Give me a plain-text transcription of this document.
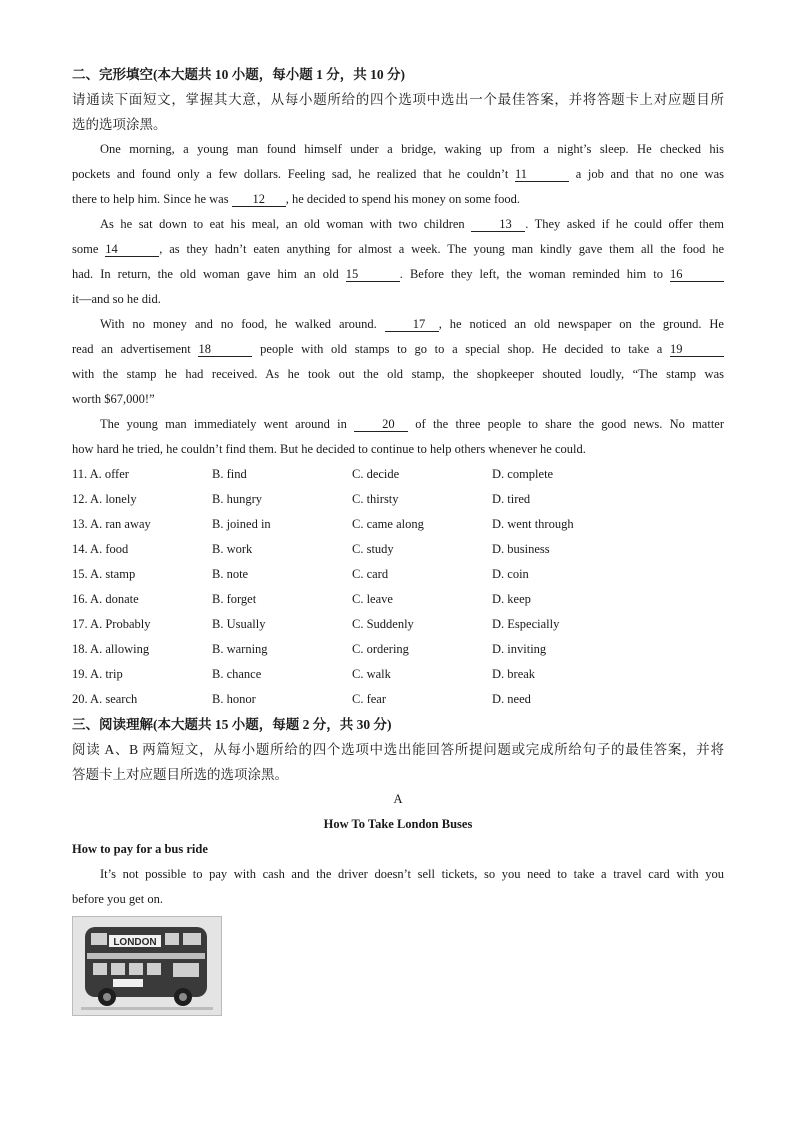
二、完形填空(本大题共 10 小题，每小题 1 分，共 10 分)

请通读下面短文，掌握其大意，从每小题所给的四个选项中选出一个最佳答案，并将答题卡上对应题目所

选的选项涂黑。

One morning, a young man found himself under a bridge, waking up from a night’s sleep. He checked his

pockets and found only a few dollars. Feeling sad, he realized that he couldn’t 11	a job and that no one was

there to help him. Since he was 12 , he decided to spend his money on some food.

As he sat down to eat his meal, an old woman with two children	13 . They asked if he could offer them

some 14	, as they hadn’t eaten anything for almost a week. The young man kindly gave them all the food he

had. In return, the old woman gave him an old 15	. Before they left, the woman reminded him to 16

it—and so he did.

With no money and no food, he walked around.	17 , he noticed an old newspaper on the ground. He

read an advertisement 18	people with old stamps to go to a special shop. He decided to take a 19

with the stamp he had received. As he took out the old stamp, the shopkeeper shouted loudly, “The stamp was

worth $67,000!”

The young man immediately went around in	20 of the three people to share the good news. No matter

how hard he tried, he couldn’t find them. But he decided to continue to help others whenever he could.

11. A. offer	B. find	C. decide	D. complete
12. A. lonely	B. hungry	C. thirsty	D. tired
13. A. ran away	B. joined in	C. came along	D. went through
14. A. food	B. work	C. study	D. business
15. A. stamp	B. note	C. card	D. coin
16. A. donate	B. forget	C. leave	D. keep
17. A. Probably	B. Usually	C. Suddenly	D. Especially
18. A. allowing	B. warning	C. ordering	D. inviting
19. A. trip	B. chance	C. walk	D. break
20. A. search	B. honor	C. fear	D. need

三、阅读理解(本大题共 15 小题，每题 2 分，共 30 分)

阅读 A、B 两篇短文，从每小题所给的四个选项中选出能回答所提问题或完成所给句子的最佳答案，并将

答题卡上对应题目所选的选项涂黑。

A

How To Take London Buses

How to pay for a bus ride

It’s not possible to pay with cash and the driver doesn’t sell tickets, so you need to take a travel card with you

before you get on.

LONDON
